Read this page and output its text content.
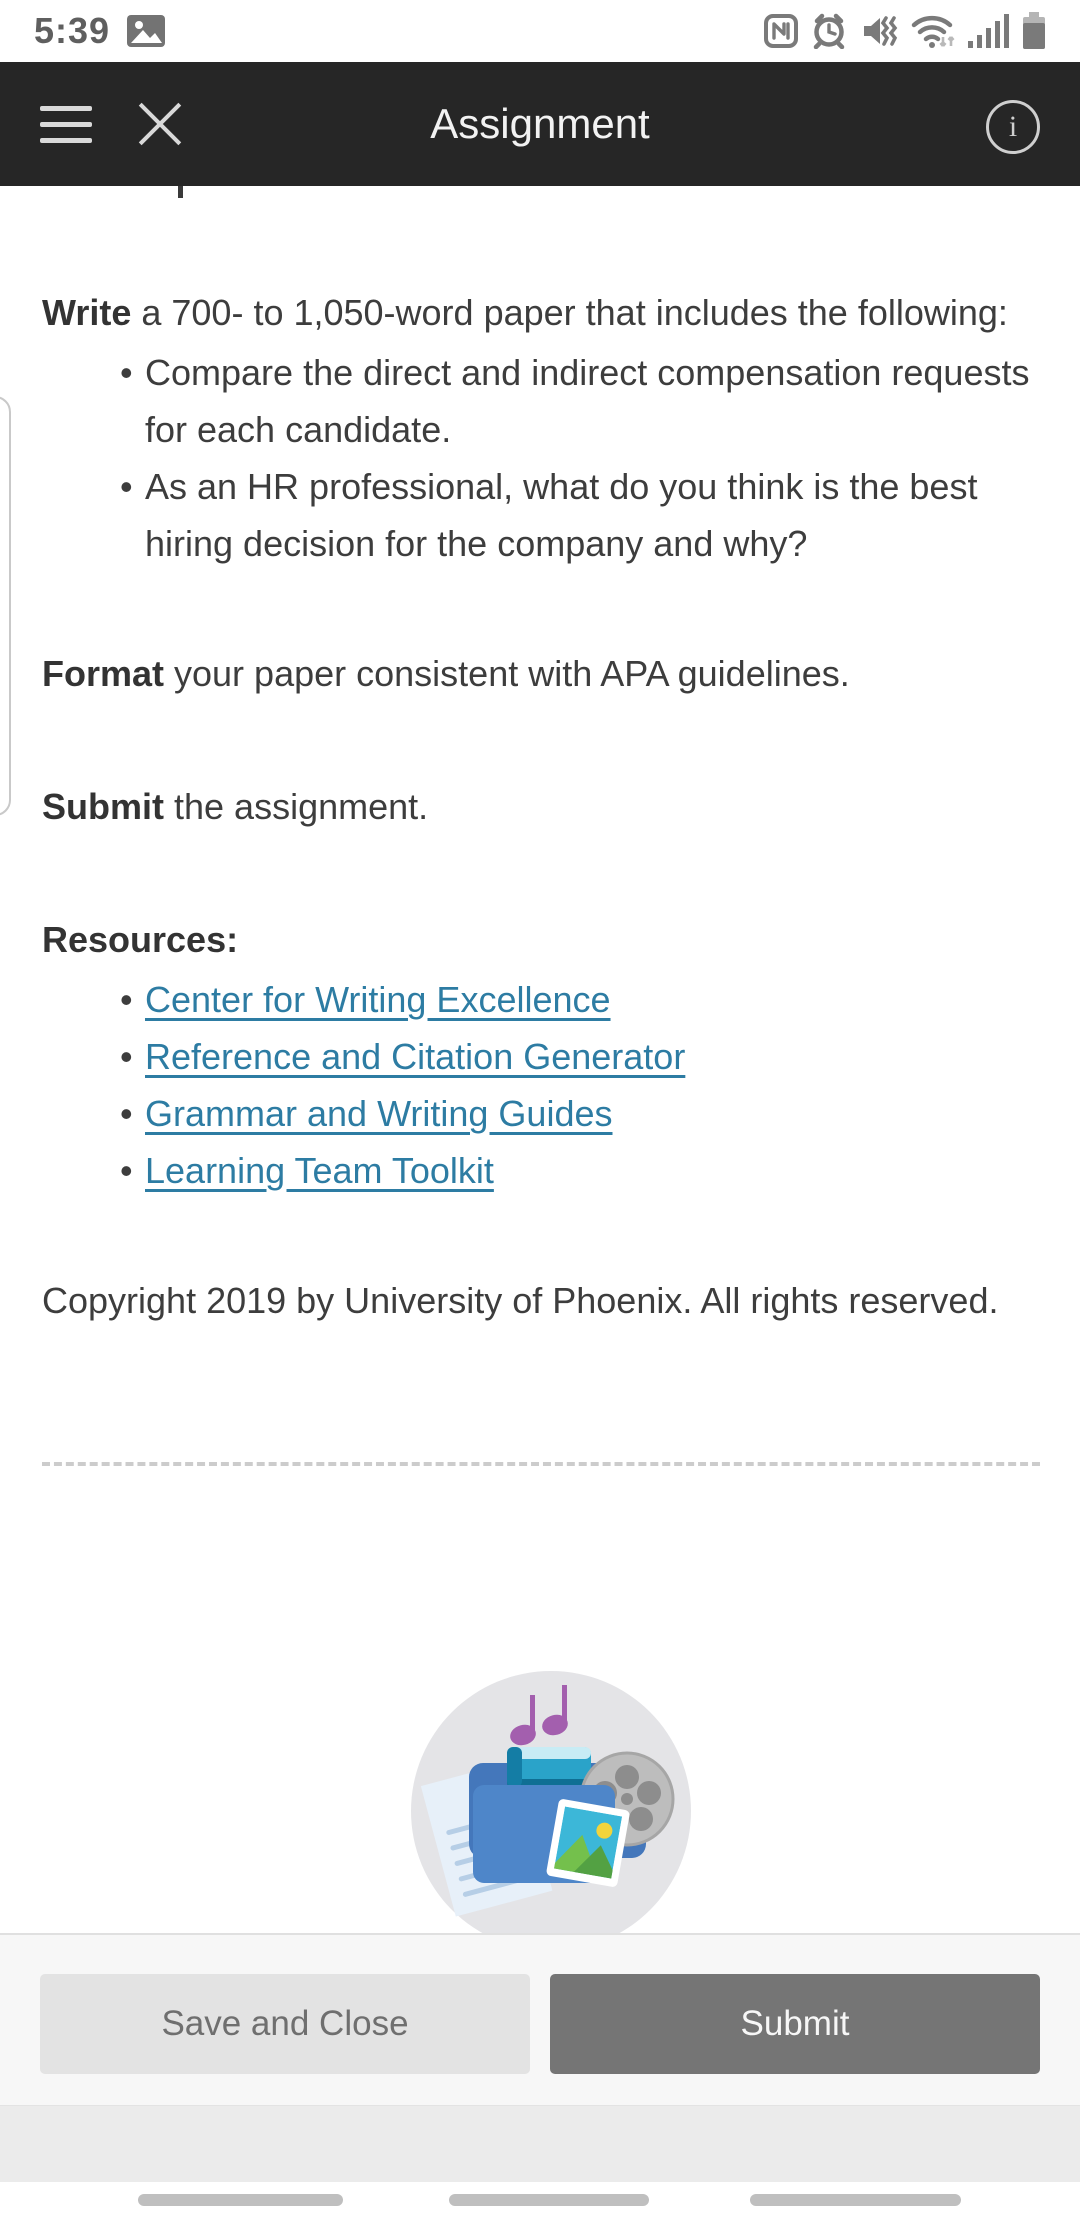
5:39
Assignment	i

Write a 700- to 1,050-word paper that includes the following:

• Compare the direct and indirect compensation requests for each candidate.
• As an HR professional, what do you think is the best hiring decision for the company and why?

Format your paper consistent with APA guidelines.

Submit the assignment.

Resources:

• Center for Writing Excellence
• Reference and Citation Generator
• Grammar and Writing Guides
• Learning Team Toolkit

Copyright 2019 by University of Phoenix. All rights reserved.

Save and Close	Submit
